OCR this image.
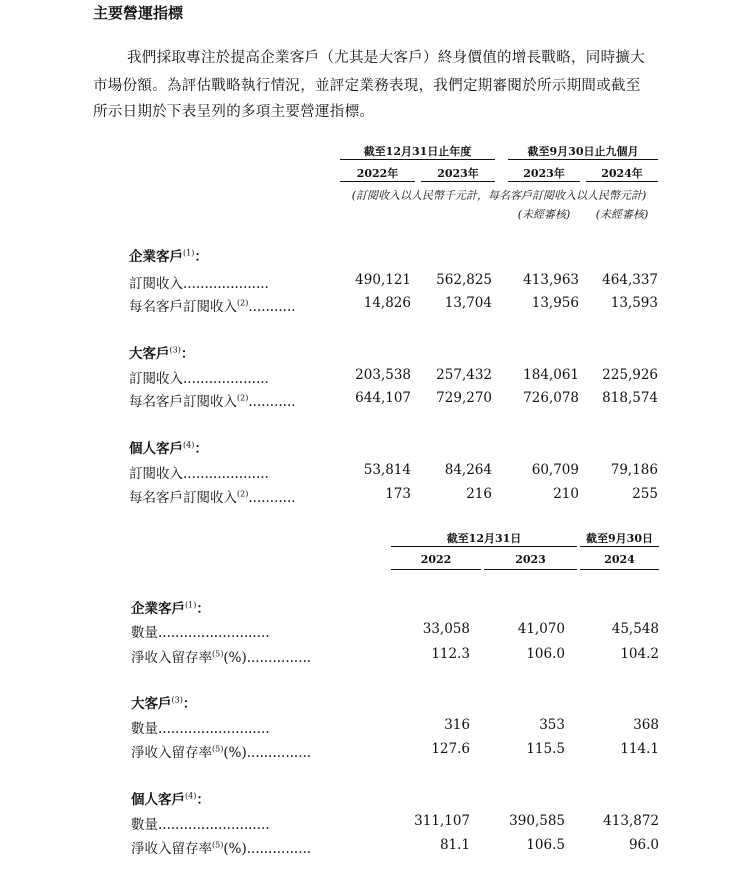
主要營運指標
我們採取專注於提高企業客戶（尤其是大客戶）終身價值的增長戰略，同時擴大
市場份額。為評估戰略執行情況，並評定業務表現，我們定期審閱於所示期間或截至
所示日期於下表呈列的多項主要營運指標。
截至12月31日止年度	截至9月30日止九個月
2022年	2023年	2023年	2024年
(訂閱收入以人民幣千元計，每名客戶訂閱收入以人民幣元計)
(未經審核)	(未經審核)
企業客戶$^{(1)}$：
訂閱收入....................	490,121	562,825	413,963	464,337
每名客戶訂閱收入$^{(2)}$...........	14,826	13,704	13,956	13,593
大客戶$^{(3)}$：
訂閱收入....................	203,538	257,432	184,061	225,926
每名客戶訂閱收入$^{(2)}$...........	644,107	729,270	726,078	818,574
個人客戶$^{(4)}$：
訂閱收入....................	53,814	84,264	60,709	79,186
每名客戶訂閱收入$^{(2)}$...........	173	216	210	255
截至12月31日	截至9月30日
2022	2023	2024
企業客戶$^{(1)}$：
數量..........................	33,058	41,070	45,548
淨收入留存率$^{(5)}$(%)...............	112.3	106.0	104.2
大客戶$^{(3)}$：
數量..........................	316	353	368
淨收入留存率$^{(5)}$(%)...............	127.6	115.5	114.1
個人客戶$^{(4)}$：
數量..........................	311,107	390,585	413,872
淨收入留存率$^{(5)}$(%)...............	81.1	106.5	96.0
